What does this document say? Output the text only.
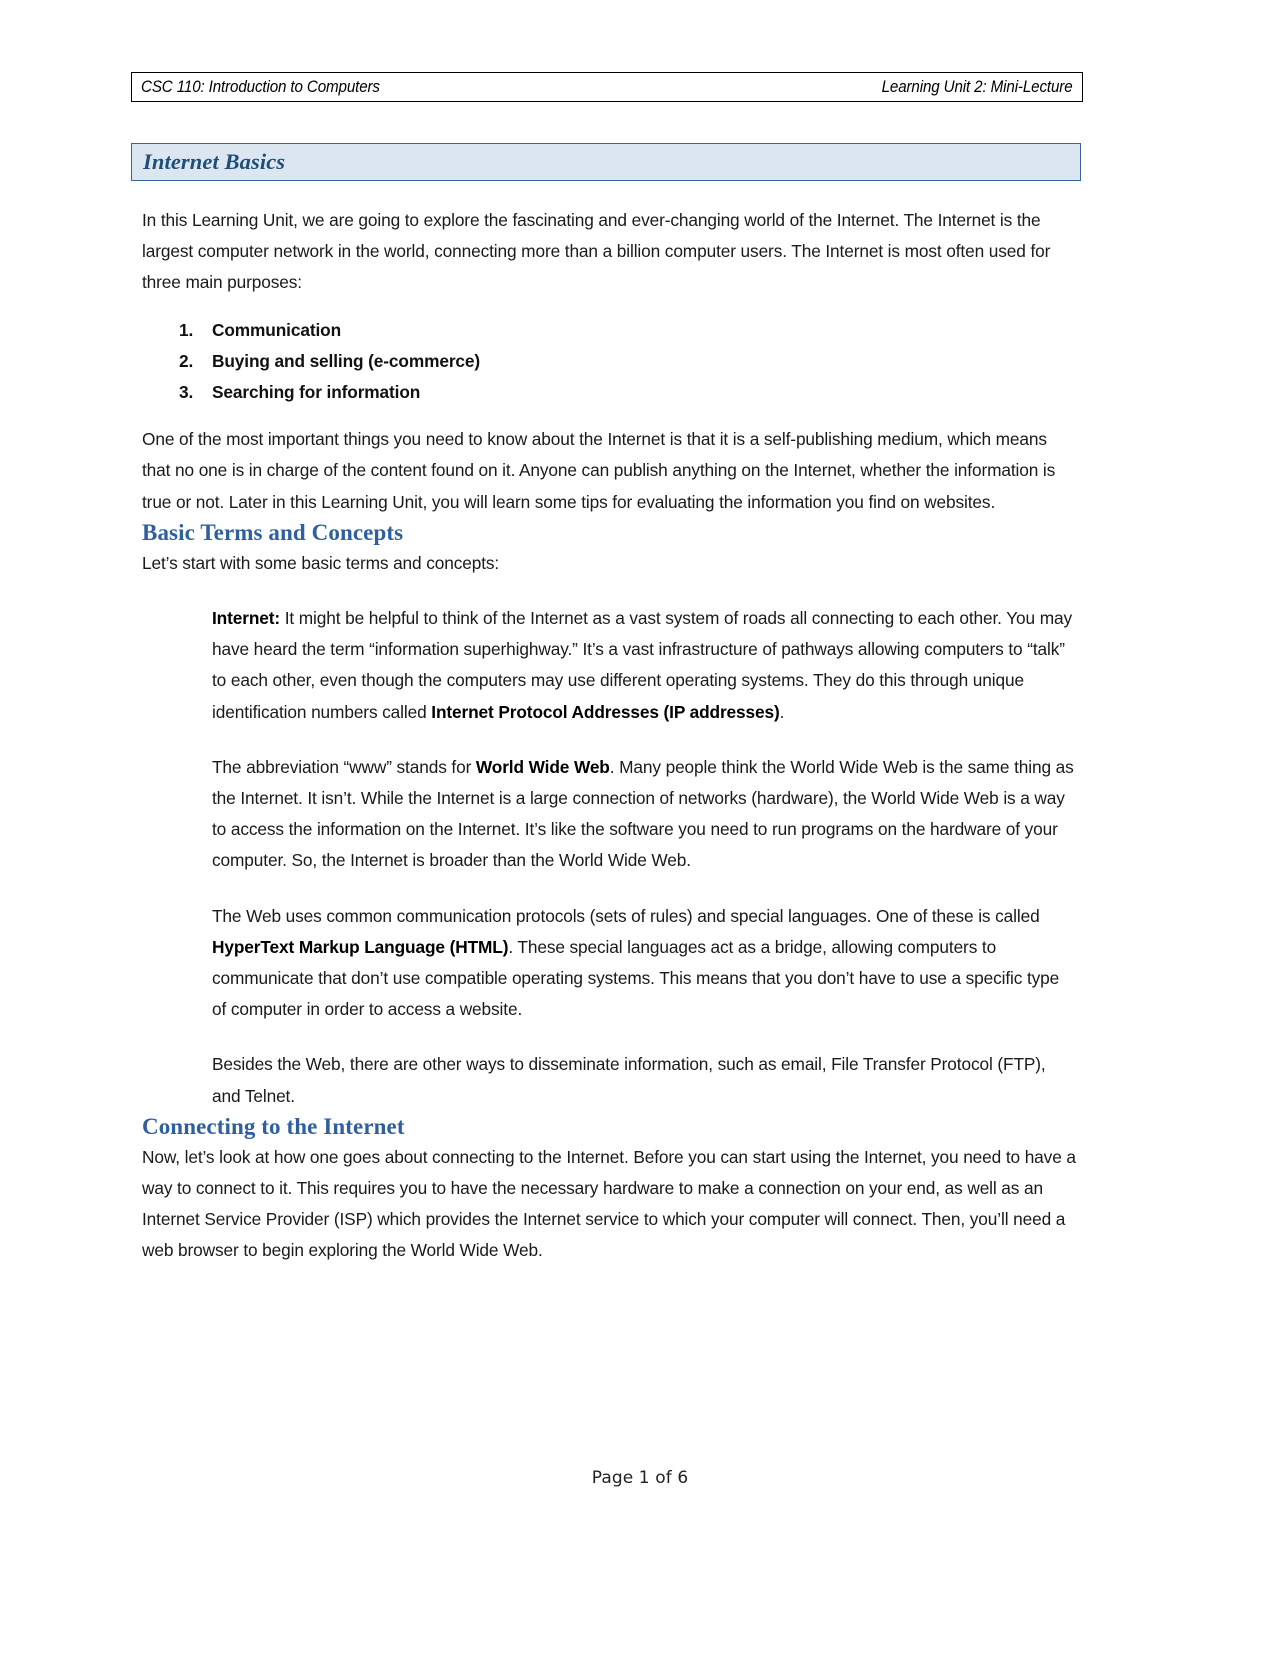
CSC 110: Introduction to Computers	Learning Unit 2: Mini-Lecture
Internet Basics

In this Learning Unit, we are going to explore the fascinating and ever-changing world of the Internet. The Internet is the largest computer network in the world, connecting more than a billion computer users. The Internet is most often used for three main purposes:

Communication
Buying and selling (e-commerce)
Searching for information

One of the most important things you need to know about the Internet is that it is a self-publishing medium, which means that no one is in charge of the content found on it. Anyone can publish anything on the Internet, whether the information is true or not. Later in this Learning Unit, you will learn some tips for evaluating the information you find on websites.

Basic Terms and Concepts

Let’s start with some basic terms and concepts:

Internet: It might be helpful to think of the Internet as a vast system of roads all connecting to each other. You may have heard the term “information superhighway.” It’s a vast infrastructure of pathways allowing computers to “talk” to each other, even though the computers may use different operating systems. They do this through unique identification numbers called Internet Protocol Addresses (IP addresses).

The abbreviation “www” stands for World Wide Web. Many people think the World Wide Web is the same thing as the Internet. It isn’t. While the Internet is a large connection of networks (hardware), the World Wide Web is a way to access the information on the Internet. It’s like the software you need to run programs on the hardware of your computer. So, the Internet is broader than the World Wide Web.

The Web uses common communication protocols (sets of rules) and special languages. One of these is called HyperText Markup Language (HTML). These special languages act as a bridge, allowing computers to communicate that don’t use compatible operating systems. This means that you don’t have to use a specific type of computer in order to access a website.

Besides the Web, there are other ways to disseminate information, such as email, File Transfer Protocol (FTP), and Telnet.

Connecting to the Internet

Now, let’s look at how one goes about connecting to the Internet. Before you can start using the Internet, you need to have a way to connect to it. This requires you to have the necessary hardware to make a connection on your end, as well as an Internet Service Provider (ISP) which provides the Internet service to which your computer will connect. Then, you’ll need a web browser to begin exploring the World Wide Web.

Page 1 of 6
